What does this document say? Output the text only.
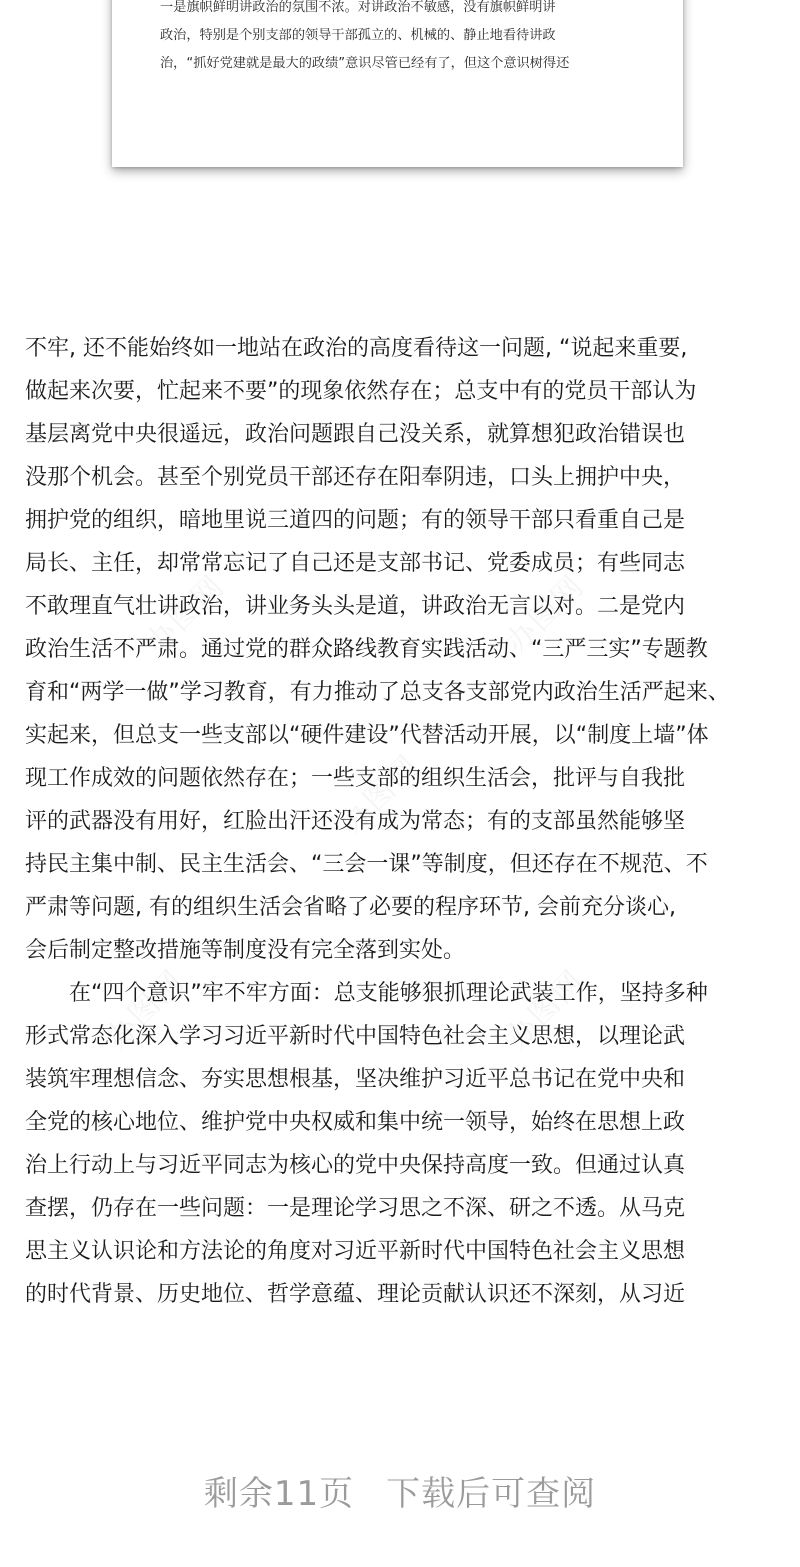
一是旗帜鲜明讲政治的氛围不浓。对讲政治不敏感，没有旗帜鲜明讲
政治，特别是个别支部的领导干部孤立的、机械的、静止地看待讲政
治，“抓好党建就是最大的政绩”意识尽管已经有了，但这个意识树得还
办图网	办图网
办图网
办图网
办图网
不牢, 还不能始终如一地站在政治的高度看待这一问题, “说起来重要,
做起来次要，忙起来不要”的现象依然存在；总支中有的党员干部认为
基层离党中央很遥远，政治问题跟自己没关系，就算想犯政治错误也
没那个机会。甚至个别党员干部还存在阳奉阴违，口头上拥护中央，
拥护党的组织，暗地里说三道四的问题；有的领导干部只看重自己是
局长、主任，却常常忘记了自己还是支部书记、党委成员；有些同志
不敢理直气壮讲政治，讲业务头头是道，讲政治无言以对。二是党内
政治生活不严肃。通过党的群众路线教育实践活动、“三严三实”专题教
育和“两学一做”学习教育，有力推动了总支各支部党内政治生活严起来、
实起来，但总支一些支部以“硬件建设”代替活动开展，以“制度上墙”体
现工作成效的问题依然存在；一些支部的组织生活会，批评与自我批
评的武器没有用好，红脸出汗还没有成为常态；有的支部虽然能够坚
持民主集中制、民主生活会、“三会一课”等制度，但还存在不规范、不
严肃等问题, 有的组织生活会省略了必要的程序环节, 会前充分谈心,
会后制定整改措施等制度没有完全落到实处。
在“四个意识”牢不牢方面：总支能够狠抓理论武装工作，坚持多种
形式常态化深入学习习近平新时代中国特色社会主义思想，以理论武
装筑牢理想信念、夯实思想根基，坚决维护习近平总书记在党中央和
全党的核心地位、维护党中央权威和集中统一领导，始终在思想上政
治上行动上与习近平同志为核心的党中央保持高度一致。但通过认真
查摆，仍存在一些问题：一是理论学习思之不深、研之不透。从马克
思主义认识论和方法论的角度对习近平新时代中国特色社会主义思想
的时代背景、历史地位、哲学意蕴、理论贡献认识还不深刻，从习近
剩余11页 下载后可查阅
